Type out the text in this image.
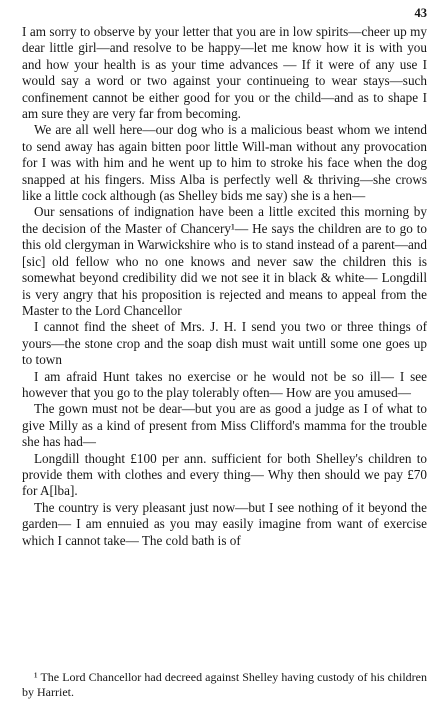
43

I am sorry to observe by your letter that you are in low spirits—cheer up my dear little girl—and resolve to be happy—let me know how it is with you and how your health is as your time advances — If it were of any use I would say a word or two against your continueing to wear stays—such confinement cannot be either good for you or the child—and as to shape I am sure they are very far from becoming.

We are all well here—our dog who is a malicious beast whom we intend to send away has again bitten poor little Will-man without any provocation for I was with him and he went up to him to stroke his face when the dog snapped at his fingers. Miss Alba is perfectly well & thriving—she crows like a little cock although (as Shelley bids me say) she is a hen—

Our sensations of indignation have been a little excited this morning by the decision of the Master of Chancery¹— He says the children are to go to this old clergyman in Warwickshire who is to stand instead of a parent—and [sic] old fellow who no one knows and never saw the children this is somewhat beyond credibility did we not see it in black & white— Longdill is very angry that his proposition is rejected and means to appeal from the Master to the Lord Chancellor

I cannot find the sheet of Mrs. J. H. I send you two or three things of yours—the stone crop and the soap dish must wait untill some one goes up to town

I am afraid Hunt takes no exercise or he would not be so ill— I see however that you go to the play tolerably often— How are you amused—

The gown must not be dear—but you are as good a judge as I of what to give Milly as a kind of present from Miss Clifford's mamma for the trouble she has had—

Longdill thought £100 per ann. sufficient for both Shelley's children to provide them with clothes and every thing— Why then should we pay £70 for A[lba].

The country is very pleasant just now—but I see nothing of it beyond the garden— I am ennuied as you may easily imagine from want of exercise which I cannot take— The cold bath is of

¹ The Lord Chancellor had decreed against Shelley having custody of his children by Harriet.
